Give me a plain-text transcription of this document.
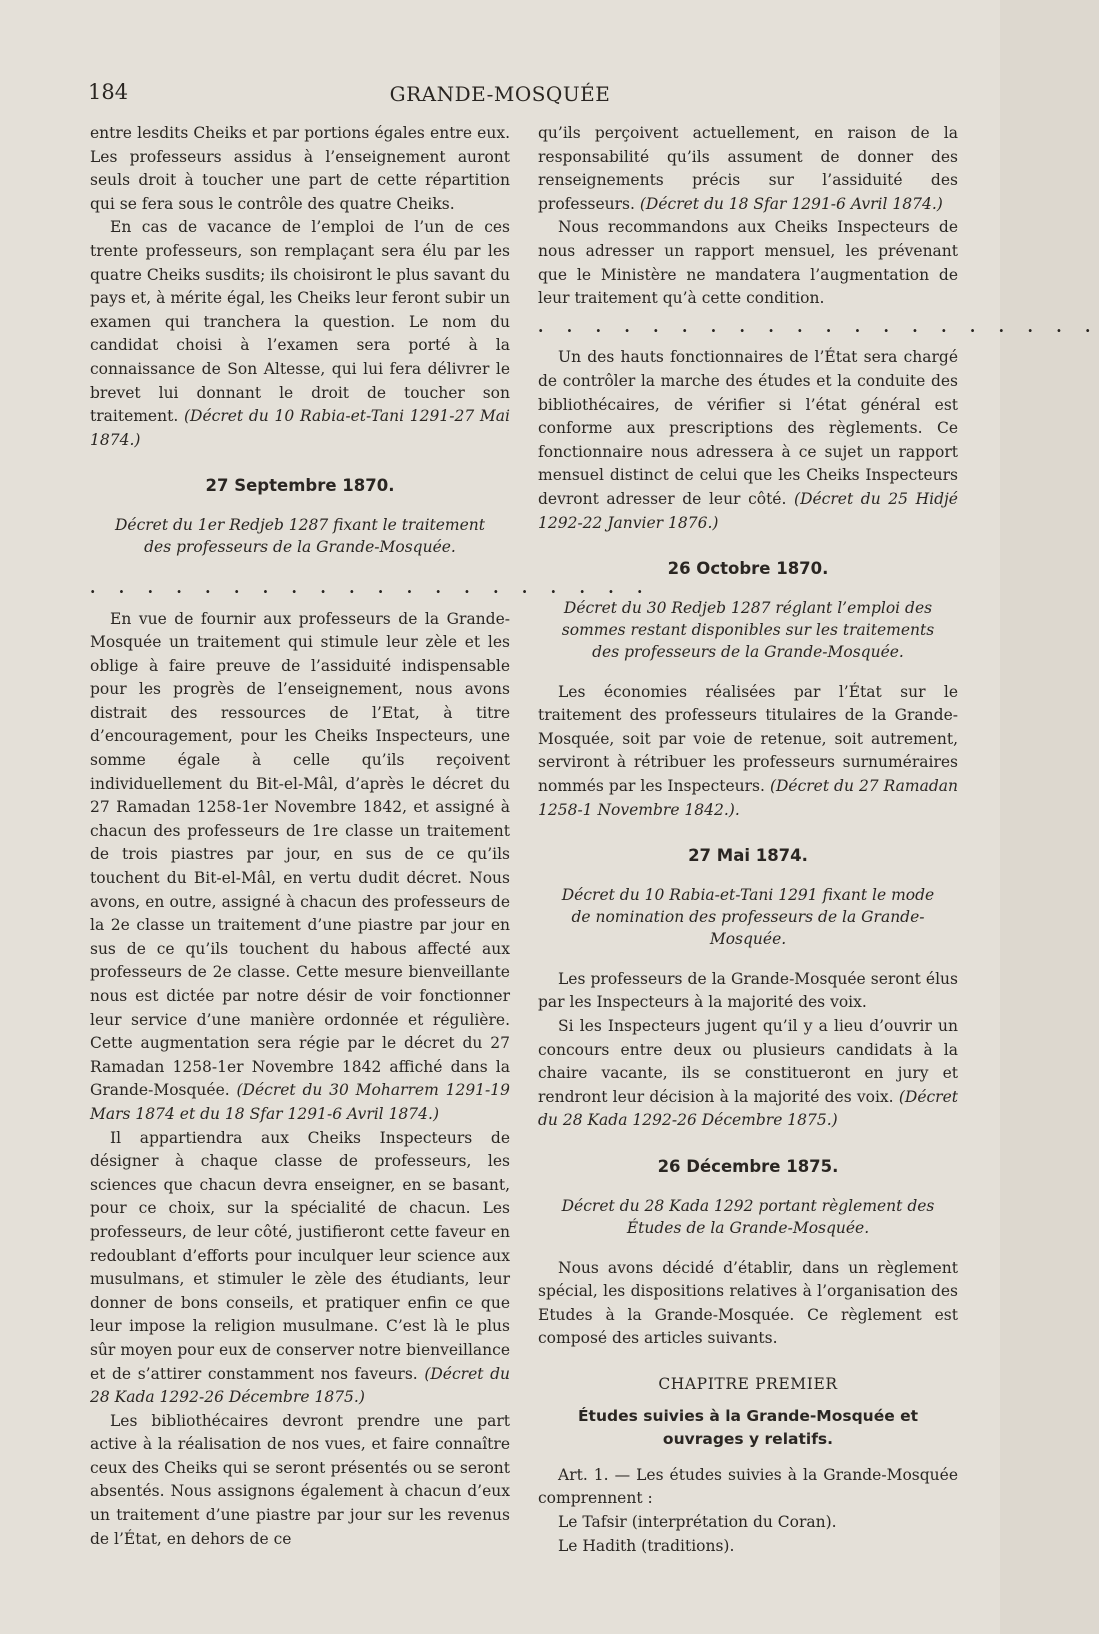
184	GRANDE-MOSQUÉE

entre lesdits Cheiks et par portions égales entre eux. Les professeurs assidus à l’enseignement auront seuls droit à toucher une part de cette répartition qui se fera sous le contrôle des quatre Cheiks.

En cas de vacance de l’emploi de l’un de ces trente professeurs, son remplaçant sera élu par les quatre Cheiks susdits; ils choisiront le plus savant du pays et, à mérite égal, les Cheiks leur feront subir un examen qui tranchera la question. Le nom du candidat choisi à l’examen sera porté à la connaissance de Son Altesse, qui lui fera délivrer le brevet lui donnant le droit de toucher son traitement. (Décret du 10 Rabia-et-Tani 1291-27 Mai 1874.)

27 Septembre 1870.
Décret du 1er Redjeb 1287 fixant le traitement des professeurs de la Grande-Mosquée.
. . . . . . . . . . . . . . . . . . . .

En vue de fournir aux professeurs de la Grande-Mosquée un traitement qui stimule leur zèle et les oblige à faire preuve de l’assiduité indispensable pour les progrès de l’enseignement, nous avons distrait des ressources de l’Etat, à titre d’encouragement, pour les Cheiks Inspecteurs, une somme égale à celle qu’ils reçoivent individuellement du Bit-el-Mâl, d’après le décret du 27 Ramadan 1258-1er Novembre 1842, et assigné à chacun des professeurs de 1re classe un traitement de trois piastres par jour, en sus de ce qu’ils touchent du Bit-el-Mâl, en vertu dudit décret. Nous avons, en outre, assigné à chacun des professeurs de la 2e classe un traitement d’une piastre par jour en sus de ce qu’ils touchent du habous affecté aux professeurs de 2e classe. Cette mesure bienveillante nous est dictée par notre désir de voir fonctionner leur service d’une manière ordonnée et régulière. Cette augmentation sera régie par le décret du 27 Ramadan 1258-1er Novembre 1842 affiché dans la Grande-Mosquée. (Décret du 30 Moharrem 1291-19 Mars 1874 et du 18 Sfar 1291-6 Avril 1874.)

Il appartiendra aux Cheiks Inspecteurs de désigner à chaque classe de professeurs, les sciences que chacun devra enseigner, en se basant, pour ce choix, sur la spécialité de chacun. Les professeurs, de leur côté, justifieront cette faveur en redoublant d’efforts pour inculquer leur science aux musulmans, et stimuler le zèle des étudiants, leur donner de bons conseils, et pratiquer enfin ce que leur impose la religion musulmane. C’est là le plus sûr moyen pour eux de conserver notre bienveillance et de s’attirer constamment nos faveurs. (Décret du 28 Kada 1292-26 Décembre 1875.)

Les bibliothécaires devront prendre une part active à la réalisation de nos vues, et faire connaître ceux des Cheiks qui se seront présentés ou se seront absentés. Nous assignons également à chacun d’eux un traitement d’une piastre par jour sur les revenus de l’État, en dehors de ce

qu’ils perçoivent actuellement, en raison de la responsabilité qu’ils assument de donner des renseignements précis sur l’assiduité des professeurs. (Décret du 18 Sfar 1291-6 Avril 1874.)

Nous recommandons aux Cheiks Inspecteurs de nous adresser un rapport mensuel, les prévenant que le Ministère ne mandatera l’augmentation de leur traitement qu’à cette condition.

. . . . . . . . . . . . . . . . . . . .

Un des hauts fonctionnaires de l’État sera chargé de contrôler la marche des études et la conduite des bibliothécaires, de vérifier si l’état général est conforme aux prescriptions des règlements. Ce fonctionnaire nous adressera à ce sujet un rapport mensuel distinct de celui que les Cheiks Inspecteurs devront adresser de leur côté. (Décret du 25 Hidjé 1292-22 Janvier 1876.)

26 Octobre 1870.
Décret du 30 Redjeb 1287 réglant l’emploi des sommes restant disponibles sur les traitements des professeurs de la Grande-Mosquée.

Les économies réalisées par l’État sur le traitement des professeurs titulaires de la Grande-Mosquée, soit par voie de retenue, soit autrement, serviront à rétribuer les professeurs surnuméraires nommés par les Inspecteurs. (Décret du 27 Ramadan 1258-1 Novembre 1842.).

27 Mai 1874.
Décret du 10 Rabia-et-Tani 1291 fixant le mode de nomination des professeurs de la Grande-Mosquée.

Les professeurs de la Grande-Mosquée seront élus par les Inspecteurs à la majorité des voix.

Si les Inspecteurs jugent qu’il y a lieu d’ouvrir un concours entre deux ou plusieurs candidats à la chaire vacante, ils se constitueront en jury et rendront leur décision à la majorité des voix. (Décret du 28 Kada 1292-26 Décembre 1875.)

26 Décembre 1875.
Décret du 28 Kada 1292 portant règlement des Études de la Grande-Mosquée.

Nous avons décidé d’établir, dans un règlement spécial, les dispositions relatives à l’organisation des Etudes à la Grande-Mosquée. Ce règlement est composé des articles suivants.

CHAPITRE PREMIER
Études suivies à la Grande-Mosquée et ouvrages y relatifs.

Art. 1. — Les études suivies à la Grande-Mosquée comprennent :

Le Tafsir (interprétation du Coran).

Le Hadith (traditions).
